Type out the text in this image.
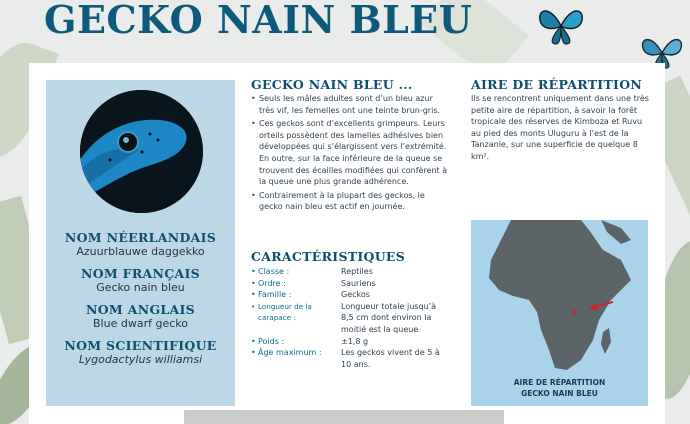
GECKO NAIN BLEU
NOM NÉERLANDAIS
Azuurblauwe daggekko
NOM FRANÇAIS
Gecko nain bleu
NOM ANGLAIS
Blue dwarf gecko
NOM SCIENTIFIQUE
Lygodactylus williamsi
GECKO NAIN BLEU ...
• Seuls les mâles adultes sont d’un bleu azur très vif, les femelles ont une teinte brun-gris.
• Ces geckos sont d’excellents grimpeurs. Leurs orteils possèdent des lamelles adhésives bien développées qui s’élargissent vers l’extrémité. En outre, sur la face inférieure de la queue se trouvent des écailles modifiées qui confèrent à la queue une plus grande adhérence.
• Contrairement à la plupart des geckos, le gecko nain bleu est actif en journée.
CARACTÉRISTIQUES
• Classe :	Reptiles
• Ordre :	Sauriens
• Famille :	Geckos
• Longueur de la carapace :
Longueur totale jusqu’à 8,5 cm dont environ la moitié est la queue
• Poids :	±1,8 g
• Âge maximum :	Les geckos vivent de 5 à 10 ans.
AIRE DE RÉPARTITION

Ils se rencontrent uniquement dans une très petite aire de répartition, à savoir la forêt tropicale des réserves de Kimboza et Ruvu au pied des monts Uluguru à l’est de la Tanzanie, sur une superficie de quelque 8 km².

AIRE DE RÉPARTITION
GECKO NAIN BLEU
